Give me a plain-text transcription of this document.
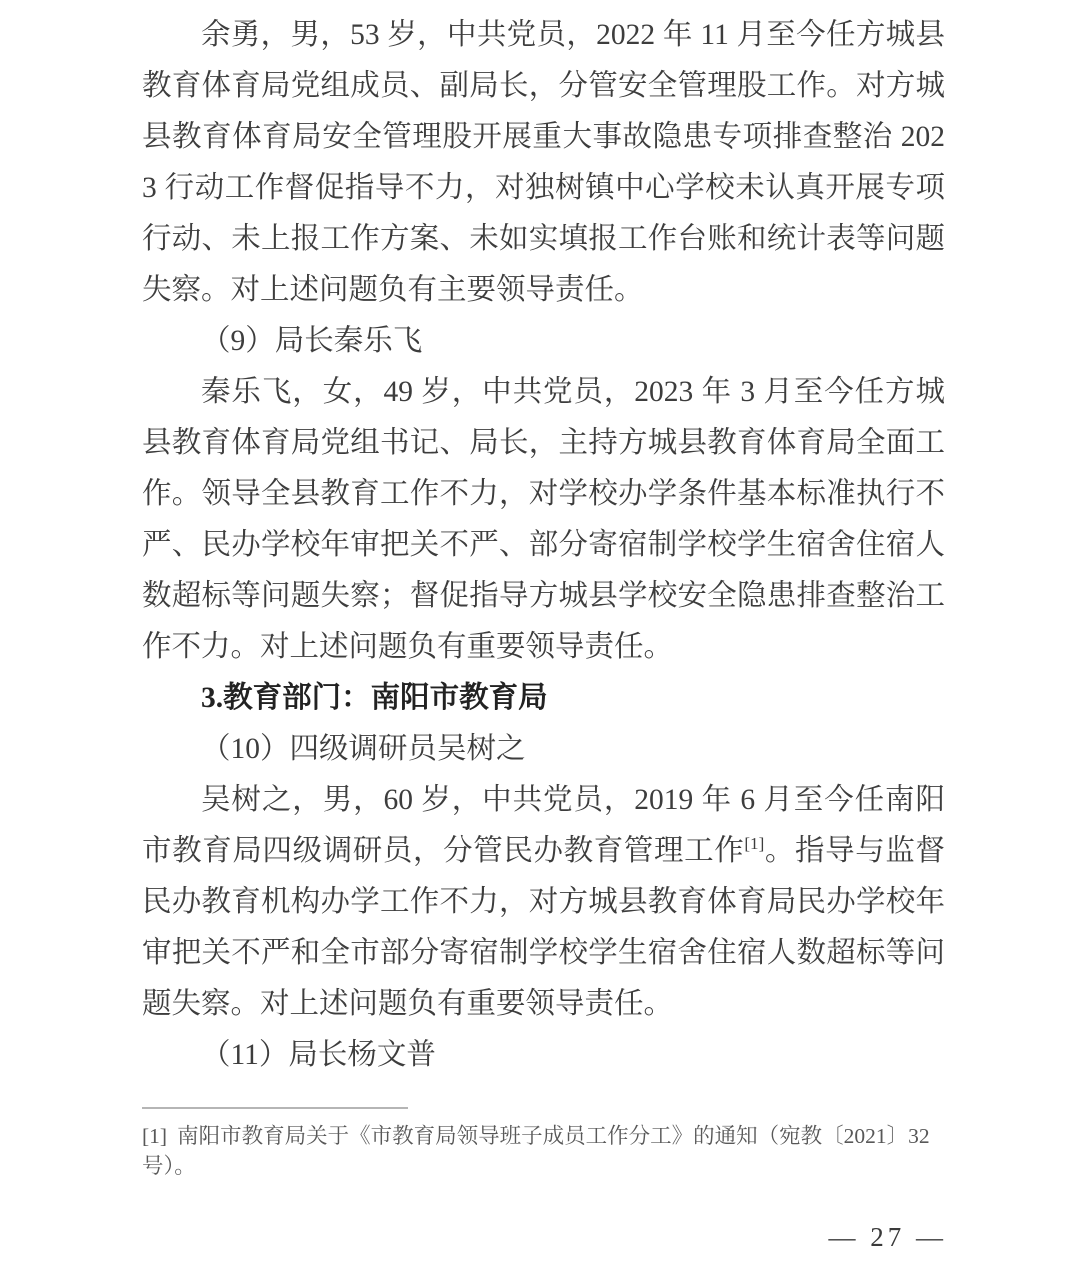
余勇，男，53 岁，中共党员，2022 年 11 月至今任方城县教育体育局党组成员、副局长，分管安全管理股工作。对方城县教育体育局安全管理股开展重大事故隐患专项排查整治 2023 行动工作督促指导不力，对独树镇中心学校未认真开展专项行动、未上报工作方案、未如实填报工作台账和统计表等问题失察。对上述问题负有主要领导责任。

（9）局长秦乐飞

秦乐飞，女，49 岁，中共党员，2023 年 3 月至今任方城县教育体育局党组书记、局长，主持方城县教育体育局全面工作。领导全县教育工作不力，对学校办学条件基本标准执行不严、民办学校年审把关不严、部分寄宿制学校学生宿舍住宿人数超标等问题失察；督促指导方城县学校安全隐患排查整治工作不力。对上述问题负有重要领导责任。

3.教育部门：南阳市教育局

（10）四级调研员吴树之

吴树之，男，60 岁，中共党员，2019 年 6 月至今任南阳市教育局四级调研员，分管民办教育管理工作[1]。指导与监督民办教育机构办学工作不力，对方城县教育体育局民办学校年审把关不严和全市部分寄宿制学校学生宿舍住宿人数超标等问题失察。对上述问题负有重要领导责任。

（11）局长杨文普

[1] 南阳市教育局关于《市教育局领导班子成员工作分工》的通知（宛教〔2021〕32 号）。

— 27 —
